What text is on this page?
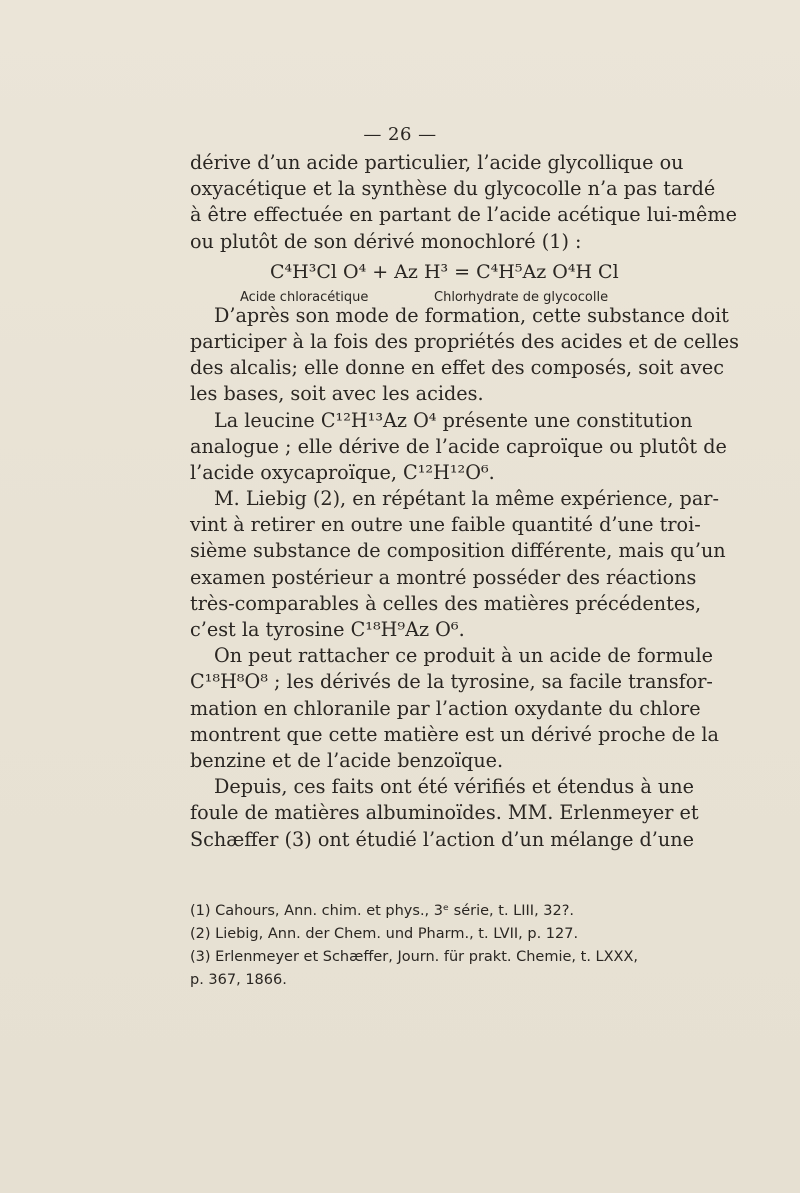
— 26 —
dérive d’un acide particulier, l’acide glycollique ou
oxyacétique et la synthèse du glycocolle n’a pas tardé
à être effectuée en partant de l’acide acétique lui-même
ou plutôt de son dérivé monochloré (1) :
C⁴H³Cl O⁴ + Az H³ = C⁴H⁵Az O⁴H Cl
Acide chloracétique	Chlorhydrate de glycocolle
D’après son mode de formation, cette substance doit
participer à la fois des propriétés des acides et de celles
des alcalis; elle donne en effet des composés, soit avec
les bases, soit avec les acides.
La leucine C¹²H¹³Az O⁴ présente une constitution
analogue ; elle dérive de l’acide caproïque ou plutôt de
l’acide oxycaproïque, C¹²H¹²O⁶.
M. Liebig (2), en répétant la même expérience, par-
vint à retirer en outre une faible quantité d’une troi-
sième substance de composition différente, mais qu’un
examen postérieur a montré posséder des réactions
très-comparables à celles des matières précédentes,
c’est la tyrosine C¹⁸H⁹Az O⁶.
On peut rattacher ce produit à un acide de formule
C¹⁸H⁸O⁸ ; les dérivés de la tyrosine, sa facile transfor-
mation en chloranile par l’action oxydante du chlore
montrent que cette matière est un dérivé proche de la
benzine et de l’acide benzoïque.
Depuis, ces faits ont été vérifiés et étendus à une
foule de matières albuminoïdes. MM. Erlenmeyer et
Schæffer (3) ont étudié l’action d’un mélange d’une
(1) Cahours, Ann. chim. et phys., 3ᵉ série, t. LIII, 32?.
(2) Liebig, Ann. der Chem. und Pharm., t. LVII, p. 127.
(3) Erlenmeyer et Schæffer, Journ. für prakt. Chemie, t. LXXX,
p. 367, 1866.
